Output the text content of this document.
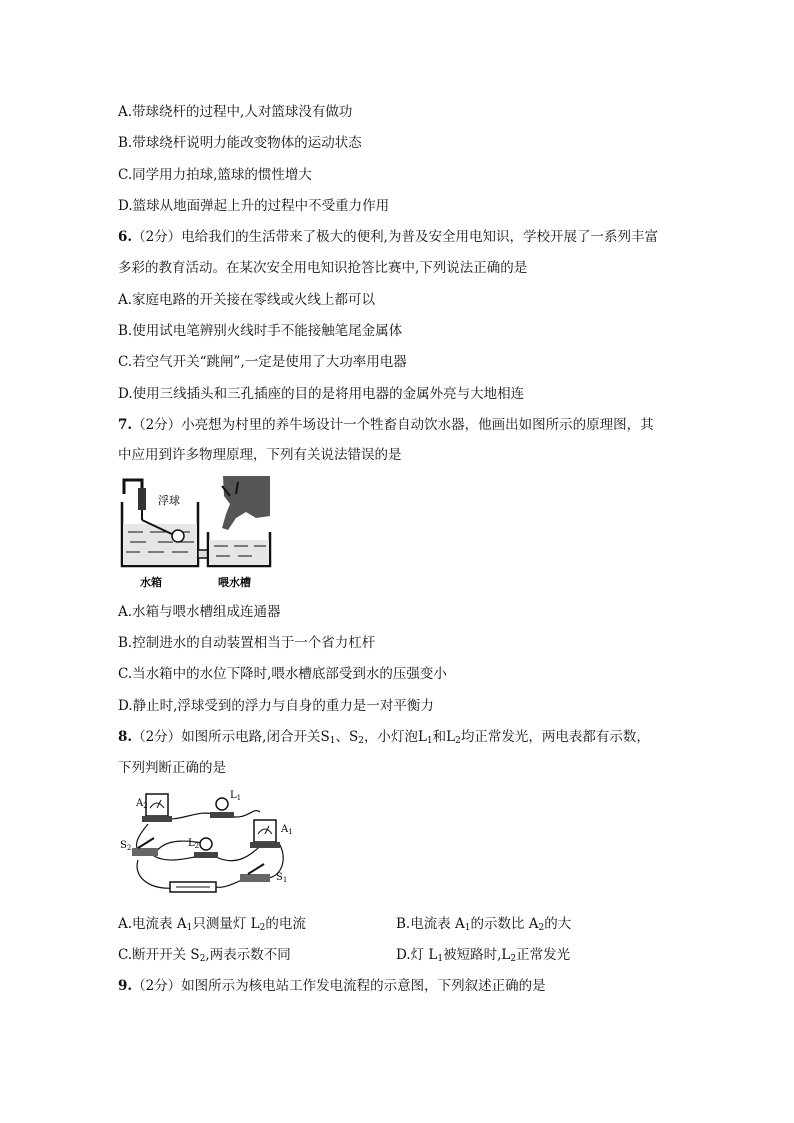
A.带球绕杆的过程中,人对篮球没有做功
B.带球绕杆说明力能改变物体的运动状态
C.同学用力拍球,篮球的惯性增大
D.篮球从地面弹起上升的过程中不受重力作用
6.（2分）电给我们的生活带来了极大的便利,为普及安全用电知识，学校开展了一系列丰富
多彩的教育活动。在某次安全用电知识抢答比赛中,下列说法正确的是
A.家庭电路的开关接在零线或火线上都可以
B.使用试电笔辨别火线时手不能接触笔尾金属体
C.若空气开关“跳闸”,一定是使用了大功率用电器
D.使用三线插头和三孔插座的目的是将用电器的金属外亮与大地相连
7.（2分）小亮想为村里的养牛场设计一个牲畜自动饮水器，他画出如图所示的原理图，其
中应用到许多物理原理，下列有关说法错误的是
浮球
水箱	喂水槽
A.水箱与喂水槽组成连通器
B.控制进水的自动装置相当于一个省力杠杆
C.当水箱中的水位下降时,喂水槽底部受到水的压强变小
D.静止时,浮球受到的浮力与自身的重力是一对平衡力
8.（2分）如图所示电路,闭合开关$S_1$、$S_2$，小灯泡$L_1$和$L_2$均正常发光，两电表都有示数，
下列判断正确的是
$A_2$
$L_1$
$A_1$
$L_2$
$S_2$
$S_1$
A.电流表 $A_1$只测量灯 $L_2$的电流	B.电流表 $A_1$的示数比 $A_2$的大
C.断开开关 $S_2$,两表示数不同	D.灯 $L_1$被短路时$,L_2$正常发光
9.（2分）如图所示为核电站工作发电流程的示意图，下列叙述正确的是
